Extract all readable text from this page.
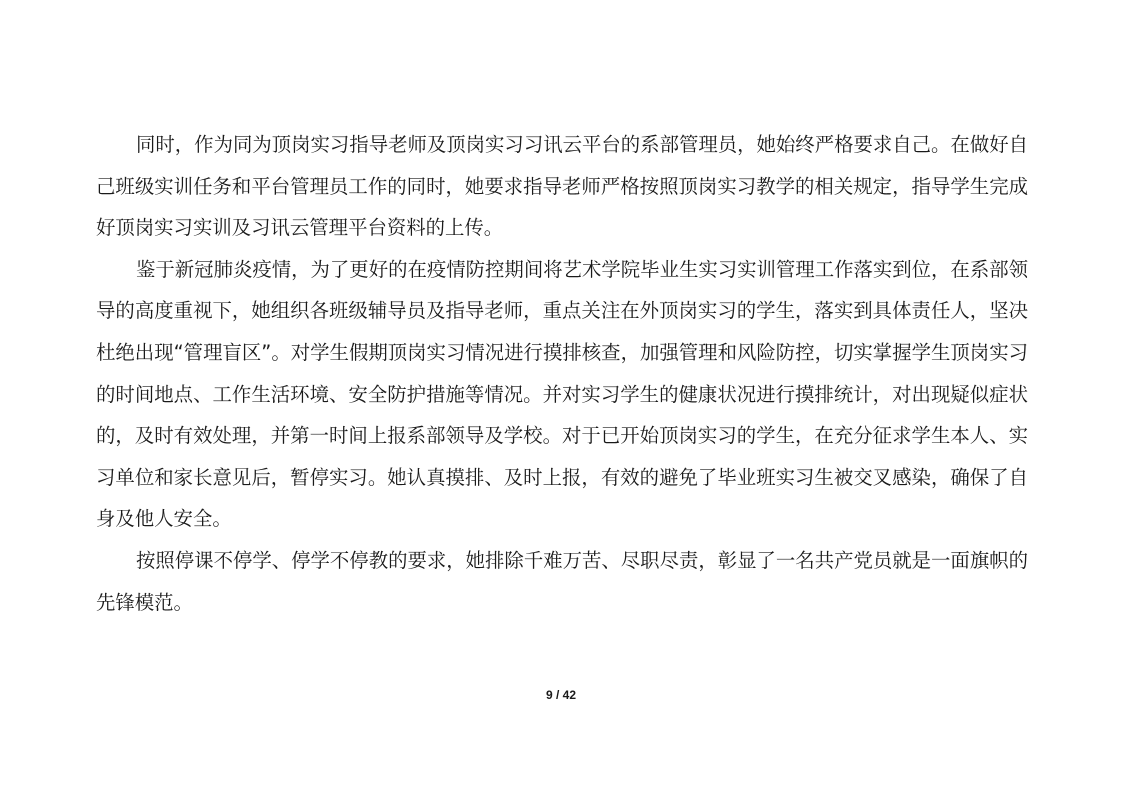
同时，作为同为顶岗实习指导老师及顶岗实习习讯云平台的系部管理员，她始终严格要求自己。在做好自己班级实训任务和平台管理员工作的同时，她要求指导老师严格按照顶岗实习教学的相关规定，指导学生完成好顶岗实习实训及习讯云管理平台资料的上传。

鉴于新冠肺炎疫情，为了更好的在疫情防控期间将艺术学院毕业生实习实训管理工作落实到位，在系部领导的高度重视下，她组织各班级辅导员及指导老师，重点关注在外顶岗实习的学生，落实到具体责任人，坚决杜绝出现“管理盲区”。对学生假期顶岗实习情况进行摸排核查，加强管理和风险防控，切实掌握学生顶岗实习的时间地点、工作生活环境、安全防护措施等情况。并对实习学生的健康状况进行摸排统计，对出现疑似症状的，及时有效处理，并第一时间上报系部领导及学校。对于已开始顶岗实习的学生，在充分征求学生本人、实习单位和家长意见后，暂停实习。她认真摸排、及时上报，有效的避免了毕业班实习生被交叉感染，确保了自身及他人安全。

按照停课不停学、停学不停教的要求，她排除千难万苦、尽职尽责，彰显了一名共产党员就是一面旗帜的先锋模范。

9 / 42
